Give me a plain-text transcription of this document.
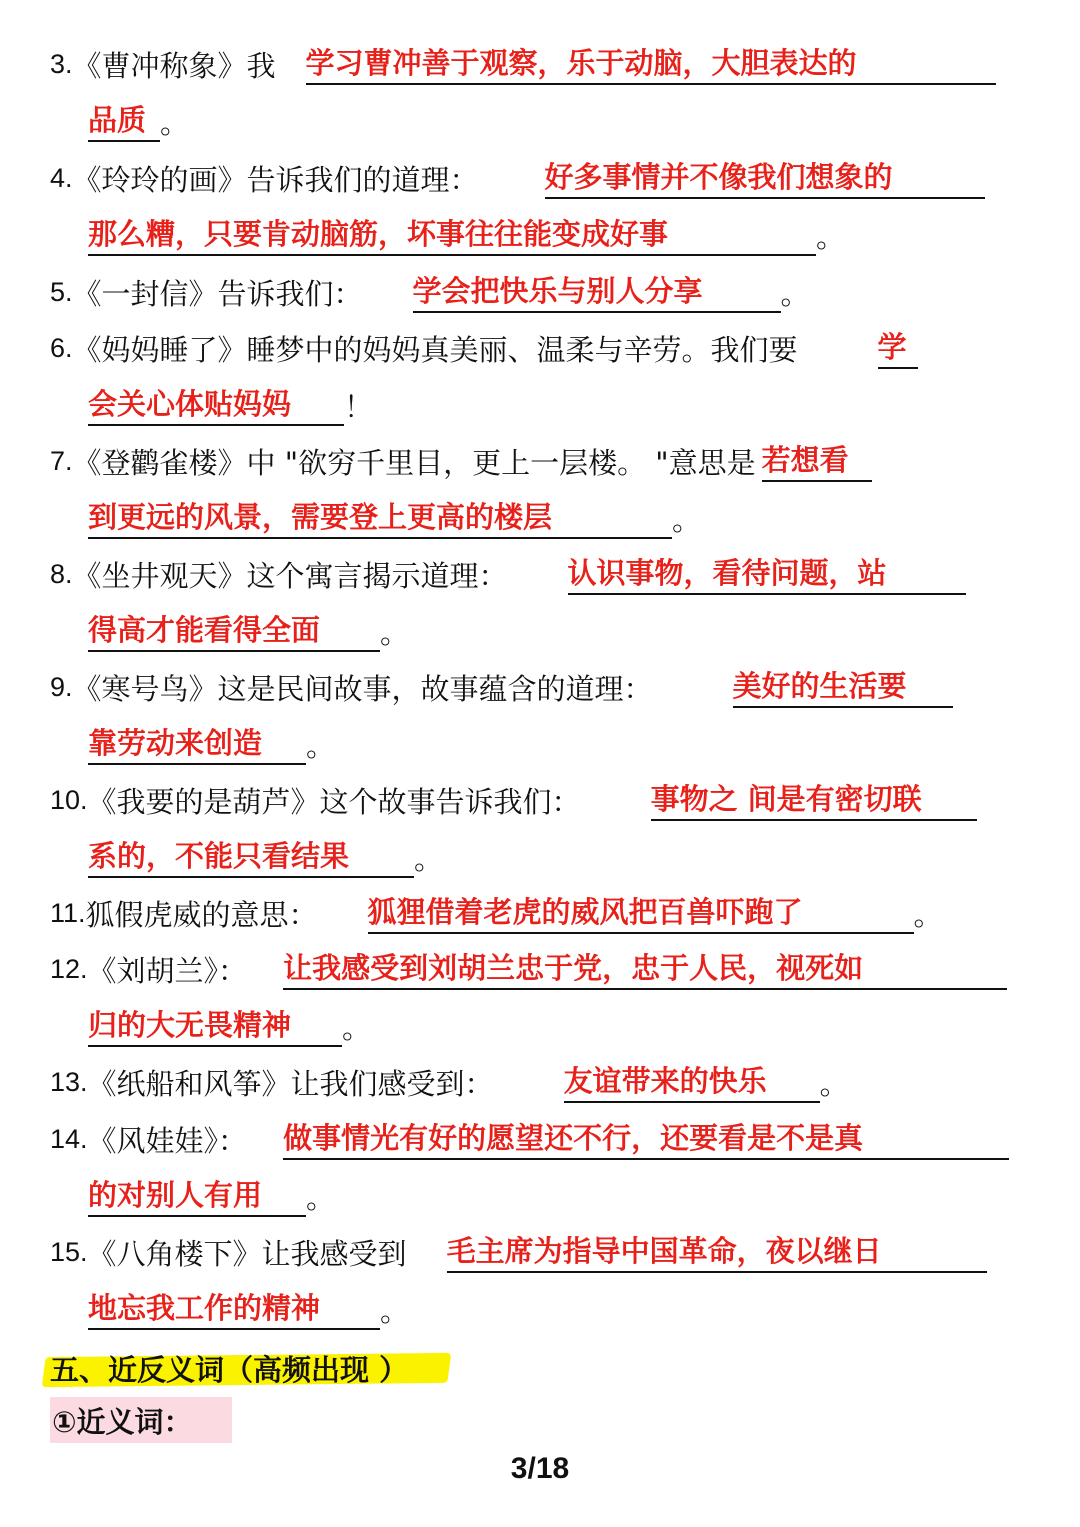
3. 《曹冲称象》我 学习曹冲善于观察，乐于动脑，大胆表达的
品质 。
4. 《玲玲的画》告诉我们的道理： 好多事情并不像我们想象的
那么糟，只要肯动脑筋，坏事往往能变成好事	。
5. 《一封信》告诉我们： 学会把快乐与别人分享	。
6. 《妈妈睡了》睡梦中的妈妈真美丽、温柔与辛劳。我们要	学
会关心体贴妈妈	！
7. 《登鹳雀楼》中 "欲穷千里目，更上一层楼。 "意思是 若想看
到更远的风景，需要登上更高的楼层	。
8. 《坐井观天》这个寓言揭示道理： 认识事物，看待问题，站
得高才能看得全面	。
9. 《寒号鸟》这是民间故事，故事蕴含的道理：	美好的生活要
靠劳动来创造	。
10. 《我要的是葫芦》这个故事告诉我们： 事物之 间是有密切联
系的，不能只看结果	。
11. 狐假虎威的意思： 狐狸借着老虎的威风把百兽吓跑了	。
12. 《刘胡兰》： 让我感受到刘胡兰忠于党，忠于人民，视死如
归的大无畏精神	。
13. 《纸船和风筝》让我们感受到： 友谊带来的快乐	。
14. 《风娃娃》： 做事情光有好的愿望还不行，还要看是不是真
的对别人有用	。
15. 《八角楼下》让我感受到 毛主席为指导中国革命，夜以继日
地忘我工作的精神	。
五、近反义词（高频出现 ）
①近义词：
3/18
